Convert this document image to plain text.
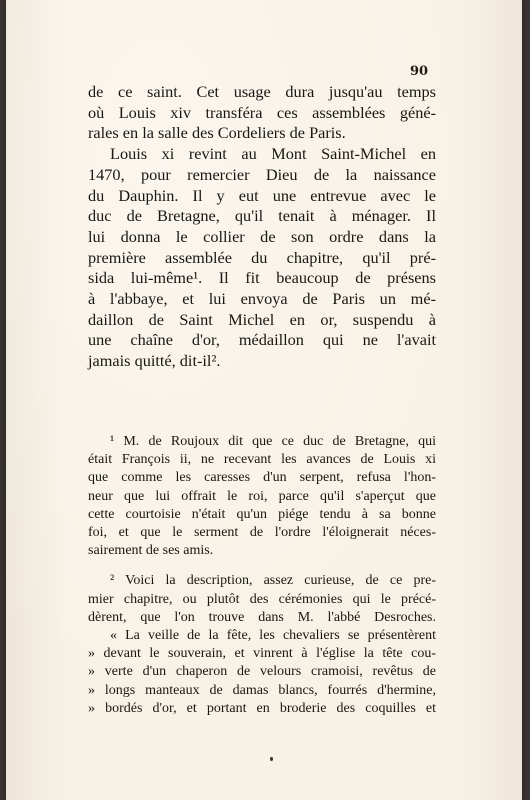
90
de ce saint. Cet usage dura jusqu'au temps
où Louis xiv transféra ces assemblées géné-
rales en la salle des Cordeliers de Paris.
Louis xi revint au Mont Saint-Michel en
1470, pour remercier Dieu de la naissance
du Dauphin. Il y eut une entrevue avec le
duc de Bretagne, qu'il tenait à ménager. Il
lui donna le collier de son ordre dans la
première assemblée du chapitre, qu'il pré-
sida lui-même¹. Il fit beaucoup de présens
à l'abbaye, et lui envoya de Paris un mé-
daillon de Saint Michel en or, suspendu à
une chaîne d'or, médaillon qui ne l'avait
jamais quitté, dit-il².
¹ M. de Roujoux dit que ce duc de Bretagne, qui
était François ii, ne recevant les avances de Louis xi
que comme les caresses d'un serpent, refusa l'hon-
neur que lui offrait le roi, parce qu'il s'aperçut que
cette courtoisie n'était qu'un piége tendu à sa bonne
foi, et que le serment de l'ordre l'éloignerait néces-
sairement de ses amis.
² Voici la description, assez curieuse, de ce pre-
mier chapitre, ou plutôt des cérémonies qui le précé-
dèrent, que l'on trouve dans M. l'abbé Desroches.
« La veille de la fête, les chevaliers se présentèrent
» devant le souverain, et vinrent à l'église la tête cou-
» verte d'un chaperon de velours cramoisi, revêtus de
» longs manteaux de damas blancs, fourrés d'hermine,
» bordés d'or, et portant en broderie des coquilles et
